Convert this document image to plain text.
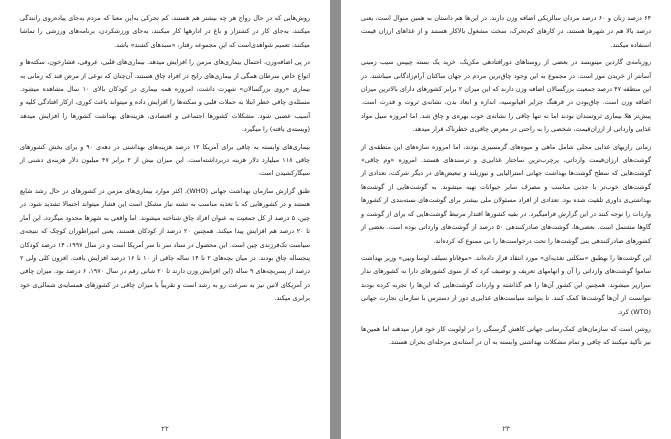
روش‌هایی که در حال رواج هر چه بیشتر هم هستند، کم تحرکی به‌این معنا که مردم به‌جای پیاده‌روی رانندگی میکنند، به‌جای کار در کشتزار و باغ در ادارهها کار میکنند، به‌جای ورزشکردن، برنامه‌های ورزشی را تماشا میکنند، تعمیم شواهدی‌است که این مجموعه رفتار، «سبدهای کشند» باشد.

در پی اضافه‌وزن، احتمال بیماری‌های مزمن را افزایش میدهد. بیماری‌های قلبی، عروقی، فشارخون، سکته‌ها و انواع خاص سرطان همگی از بیماری‌های رایج در افراد چاق هستند. آن‌چنان که نوعی از مرض قند که زمانی به بیماری «روی بزرگسالان» شهرت داشت، امروزه همه بیماری در کودکان بالای ۱۰ سال مشاهده میشود. مسئله‌ی چاقی خطر ابتلا به حملات قلبی و سکته‌ها را افزایش داده و میتواند باعث کوری، ازکار افتادگی کلیه و آسیب عصبی شود. مشکلات کشورها اجتماعی و اقتصادی، هزینه‌های بهداشت کشورها را افزایش میدهد (ویسته‌ی یافته) را میگیرد.

بیماری‌های وابسته به چاقی برای آمریکا ۱۲ درصد هزینه‌های بهداشتی در دهه‌ی ۹۰ و برای بخش کشورهای چاقی ۱۱۸ میلیارد دلار هزینه دربرداشته‌است. این میزان بیش از ۲ برابر ۴۷ میلیون دلار هزینه‌ی دشنی از سیگارکشیدن است.

طبق گزارش سازمان بهداشت جهانی (WHO)، اکثر موارد بیماری‌های مزمن در کشورهای در حال رشد شایع هستند و در کشورهایی که با تغذیه مناسب به تشنه نیاز مشکل است این فشار میتواند احتمالا تشدید شود. در چین، ۵ درصد از کل جمعیت به عنوان افراد چاق شناخته میشوند. اما واقعی به شهرها محدود میگردد، این آمار تا ۲۰ درصد هم افزایش پیدا میکند. همچنین ۲۰ درصد از کودکان هستند، یعنی امپراطوران کوچک که نتیجه‌ی سیاست تک‌فرزندی چین است. این محصول در ستاد سر تا سر آمریکا است و در سال ۱۹۹۷، ۱۴ درصد کودکان پنجساله چاق بودند. در میان بچه‌های ۲ تا ۱۴ ساله چاقی از ۱۰ تا ۱۶ درصد افزایش یافت. افزون کلی ولی ۲ درصد از پسربچه‌های ۹ ساله (این افزایش وزن دارند تا ۲۰ شانی رقم در سال ۱۹۷۰، ۶ درصد بود. میزان چاقی در آمریکای لاتین نیز به سرعت رو به رشد است و تقریباً با میزان چاقی در کشورهای همسایه‌ی شمالی‌ی خود برابری میکند.

۲۲

۶۴ درصد زنان و ۶۰ درصد مردان سالزیکی اضافه وزن دارند. در این‌ها هم داستان به همین منوال است، یعنی درصد بالا هم در شهرها هستند، در کارهای کم‌تحرک، سخت مشغول بالاکار هستند و از غذاهای ارزان قیمت استفاده میکنند.

روزنامه‌ی گاردین مینویسد در بعضی از روستاهای دورافتادهی مکزیک، خرید یک بسته چیپس سیب زمینی آسانتر از خریدن موز است. در مجموع به این وجود چاق‌ترین مردم در جهان ساکنان آرام‌زادگانی میباشند. در این منطقه ۴۷ درصد جمعیت بزرگسالان اضافه وزن دارند که این میزان ۲ برابر کشورهای دارای بالاترین میزان اضافه وزن است. چاق‌بودن در فرهنگ جزایر اقیانوسیه، اندازه و ابعاد بدن، نشانه‌ی ثروت و قدرت است. پیش‌تر هلا بیماری ثروتمندان بودند اما نه تنها چاقی را نشانه‌ی خوب بهره‌ی و چاق شد. اما امروزه سیل مواد غذایی وارداتی از ارزان‌قیمت، شخصی را به راحتی در معرض چاقی‌ی خطرناک قرار میدهد.

زمانی رازیهای غذایی محلی شامل ماهی و میوه‌های گرمسیری بودند، اما امروزه سازه‌های این منطقه‌ی از گوشت‌های ارزان‌قیمت وارداتی، پرچرب‌ترین ساختار غذایی‌ی و ترسندهای هستند. امروزه «وم چاقی» گوشت‌هایی که سطح گوشت‌ها بهداشت جهانی استرالیایی و نیوزیلند و تبعیض‌های در دیگر شرکت، تعدادی از گوشت‌های خوب‌تر با جذبی مناسب و مصرف سایر حیوانات تهیه میشوند. به گوشت‌هایی از گوشت‌ها بهداشتی‌ی داوری تلقیت شده بود. تعدادی از افراد مسئولان ملی بیشتر برای گوشت‌های بسته‌بندی از کشورها واردات را توجه کنند در این گزارش فرامیگیرد. در بقیه کشورها اقتدار مرتبط گوشت‌هایی که برای از گوشت و گاو‌ها مشتمل است. بعضی‌ها، گوشت‌های صادرکنندهی ۵۰ درصد از گوشت‌های وارداتی بوده است. بعضی از کشورهای صادرکنندهی بنی گوشت‌ها را تحت درخواست‌ها را بی‌ ممنوع که کرده‌اند.

این گوشت‌ها را بهطبق «سکلتی تغذیه‌ای» مورد انتقاد قرار داده‌اند. «موفاتاو سیلف لوسا ویپی» وزیر بهداشت ساموا گوشت‌های وارداتی را آن و اتهامهای تعریف و توصیف کرد که از سوی کشورهای دارا به کشورهای ندار سرازیر میشوند. همچنین این کشور آن‌ها را هم گذاشته و واردات گوشت‌هایی که این‌ها را تجربه کرده بودند نتوانست از آن‌ها گوشت‌ها کمک کنند. تا بتوانند سیاست‌های غذایی‌ی دور از دسترس با سازمان تجارت جهانی (WTO) کرد.

روشن است که سازمان‌های کمک‌رسانی جهانی کاهش گرسنگی را در اولویت کار خود قرار میدهند اما همین‌ها نیز تأکید میکنند که چاقی و تمام مشکلات بهداشتی وابسته به آن در آستانه‌ی مرحله‌ای بحران هستند.

۲۳
